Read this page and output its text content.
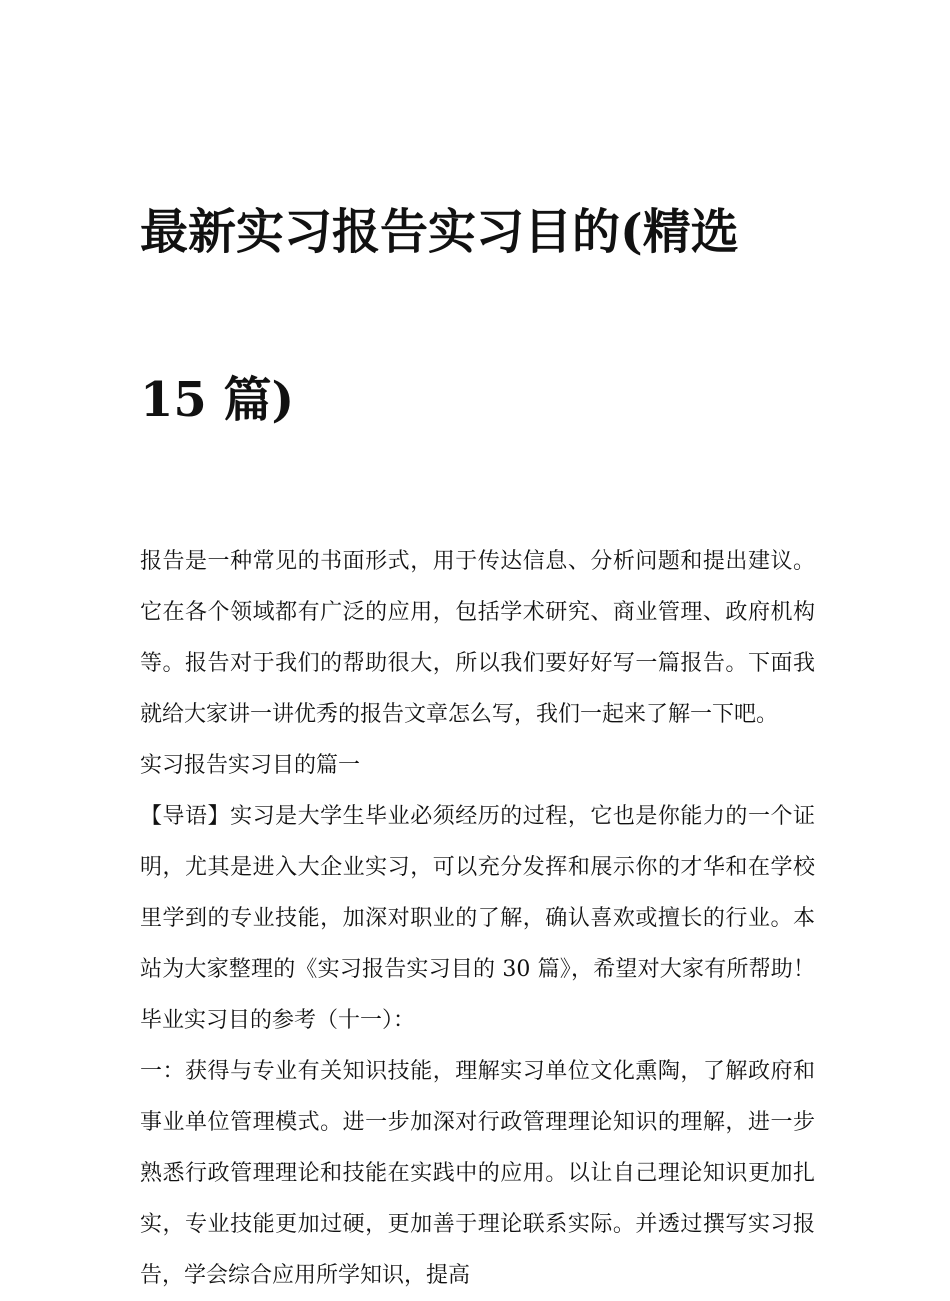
最新实习报告实习目的(精选

15 篇)

报告是一种常见的书面形式，用于传达信息、分析问题和提出建议。它在各个领域都有广泛的应用，包括学术研究、商业管理、政府机构等。报告对于我们的帮助很大，所以我们要好好写一篇报告。下面我就给大家讲一讲优秀的报告文章怎么写，我们一起来了解一下吧。

实习报告实习目的篇一

【导语】实习是大学生毕业必须经历的过程，它也是你能力的一个证明，尤其是进入大企业实习，可以充分发挥和展示你的才华和在学校里学到的专业技能，加深对职业的了解，确认喜欢或擅长的行业。本站为大家整理的《实习报告实习目的 30 篇》，希望对大家有所帮助！毕业实习目的参考（十一）：

一：获得与专业有关知识技能，理解实习单位文化熏陶，了解政府和事业单位管理模式。进一步加深对行政管理理论知识的理解，进一步熟悉行政管理理论和技能在实践中的应用。以让自己理论知识更加扎实，专业技能更加过硬，更加善于理论联系实际。并透过撰写实习报告，学会综合应用所学知识，提高
